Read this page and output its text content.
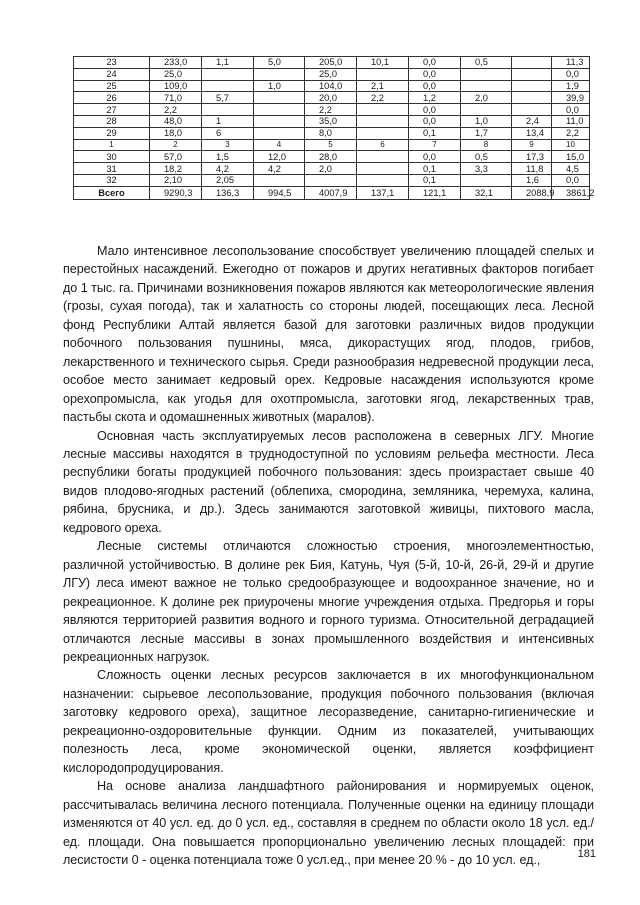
23	233,0	1,1	5,0	205,0	10,1	0,0	0,5		11,3
24	25,0			25,0		0,0			0,0
25	109,0		1,0	104,0	2,1	0,0			1,9
26	71,0	5,7		20,0	2,2	1,2	2,0		39,9
27	2,2			2,2		0,0			0,0
28	48,0	1		35,0		0,0	1,0	2,4	11,0
29	18,0	6		8,0		0,1	1,7	13,4	2,2
1	2	3	4	5	6	7	8	9	10
30	57,0	1,5	12,0	28,0		0,0	0,5	17,3	15,0
31	18,2	4,2	4,2	2,0		0,1	3,3	11,8	4,5
32	2,10	2,05				0,1		1,6	0,0
Всего	9290,3	136,3	994,5	4007,9	137,1	121,1	32,1	2088,9	3861,2

Мало интенсивное лесопользование способствует увеличению площадей спелых и перестойных насаждений. Ежегодно от пожаров и других негативных факторов погибает до 1 тыс. га. Причинами возникновения пожаров являются как метеорологические явления (грозы, сухая погода), так и халатность со стороны людей, посещающих леса. Лесной фонд Республики Алтай является базой для заготовки различных видов продукции побочного пользования пушнины, мяса, дикорастущих ягод, плодов, грибов, лекарственного и технического сырья. Среди разнообразия недревесной продукции леса, особое место занимает кедровый орех. Кедровые насаждения используются кроме орехопромысла, как угодья для охотпромысла, заготовки ягод, лекарственных трав, пастьбы скота и одомашненных животных (маралов).

Основная часть эксплуатируемых лесов расположена в северных ЛГУ. Многие лесные массивы находятся в труднодоступной по условиям рельефа местности. Леса республики богаты продукцией побочного пользования: здесь произрастает свыше 40 видов плодово-ягодных растений (облепиха, смородина, земляника, черемуха, калина, рябина, брусника, и др.). Здесь занимаются заготовкой живицы, пихтового масла, кедрового ореха.

Лесные системы отличаются сложностью строения, многоэлементностью, различной устойчивостью. В долине рек Бия, Катунь, Чуя (5-й, 10-й, 26-й, 29-й и другие ЛГУ) леса имеют важное не только средообразующее и водоохранное значение, но и рекреационное. К долине рек приурочены многие учреждения отдыха. Предгорья и горы являются территорией развития водного и горного туризма. Относительной деградацией отличаются лесные массивы в зонах промышленного воздействия и интенсивных рекреационных нагрузок.

Сложность оценки лесных ресурсов заключается в их многофункциональном назначении: сырьевое лесопользование, продукция побочного пользования (включая заготовку кедрового ореха), защитное лесоразведение, санитарно-гигиенические и рекреационно-оздоровительные функции. Одним из показателей, учитывающих полезность леса, кроме экономической оценки, является коэффициент кислородопродуцирования.

На основе анализа ландшафтного районирования и нормируемых оценок, рассчитывалась величина лесного потенциала. Полученные оценки на единицу площади изменяются от 40 усл. ед. до 0 усл. ед., составляя в среднем по области около 18 усл. ед./ед. площади. Она повышается пропорционально увеличению лесных площадей: при лесистости 0 - оценка потенциала тоже 0 усл.ед., при менее 20 % - до 10 усл. ед.,	181
